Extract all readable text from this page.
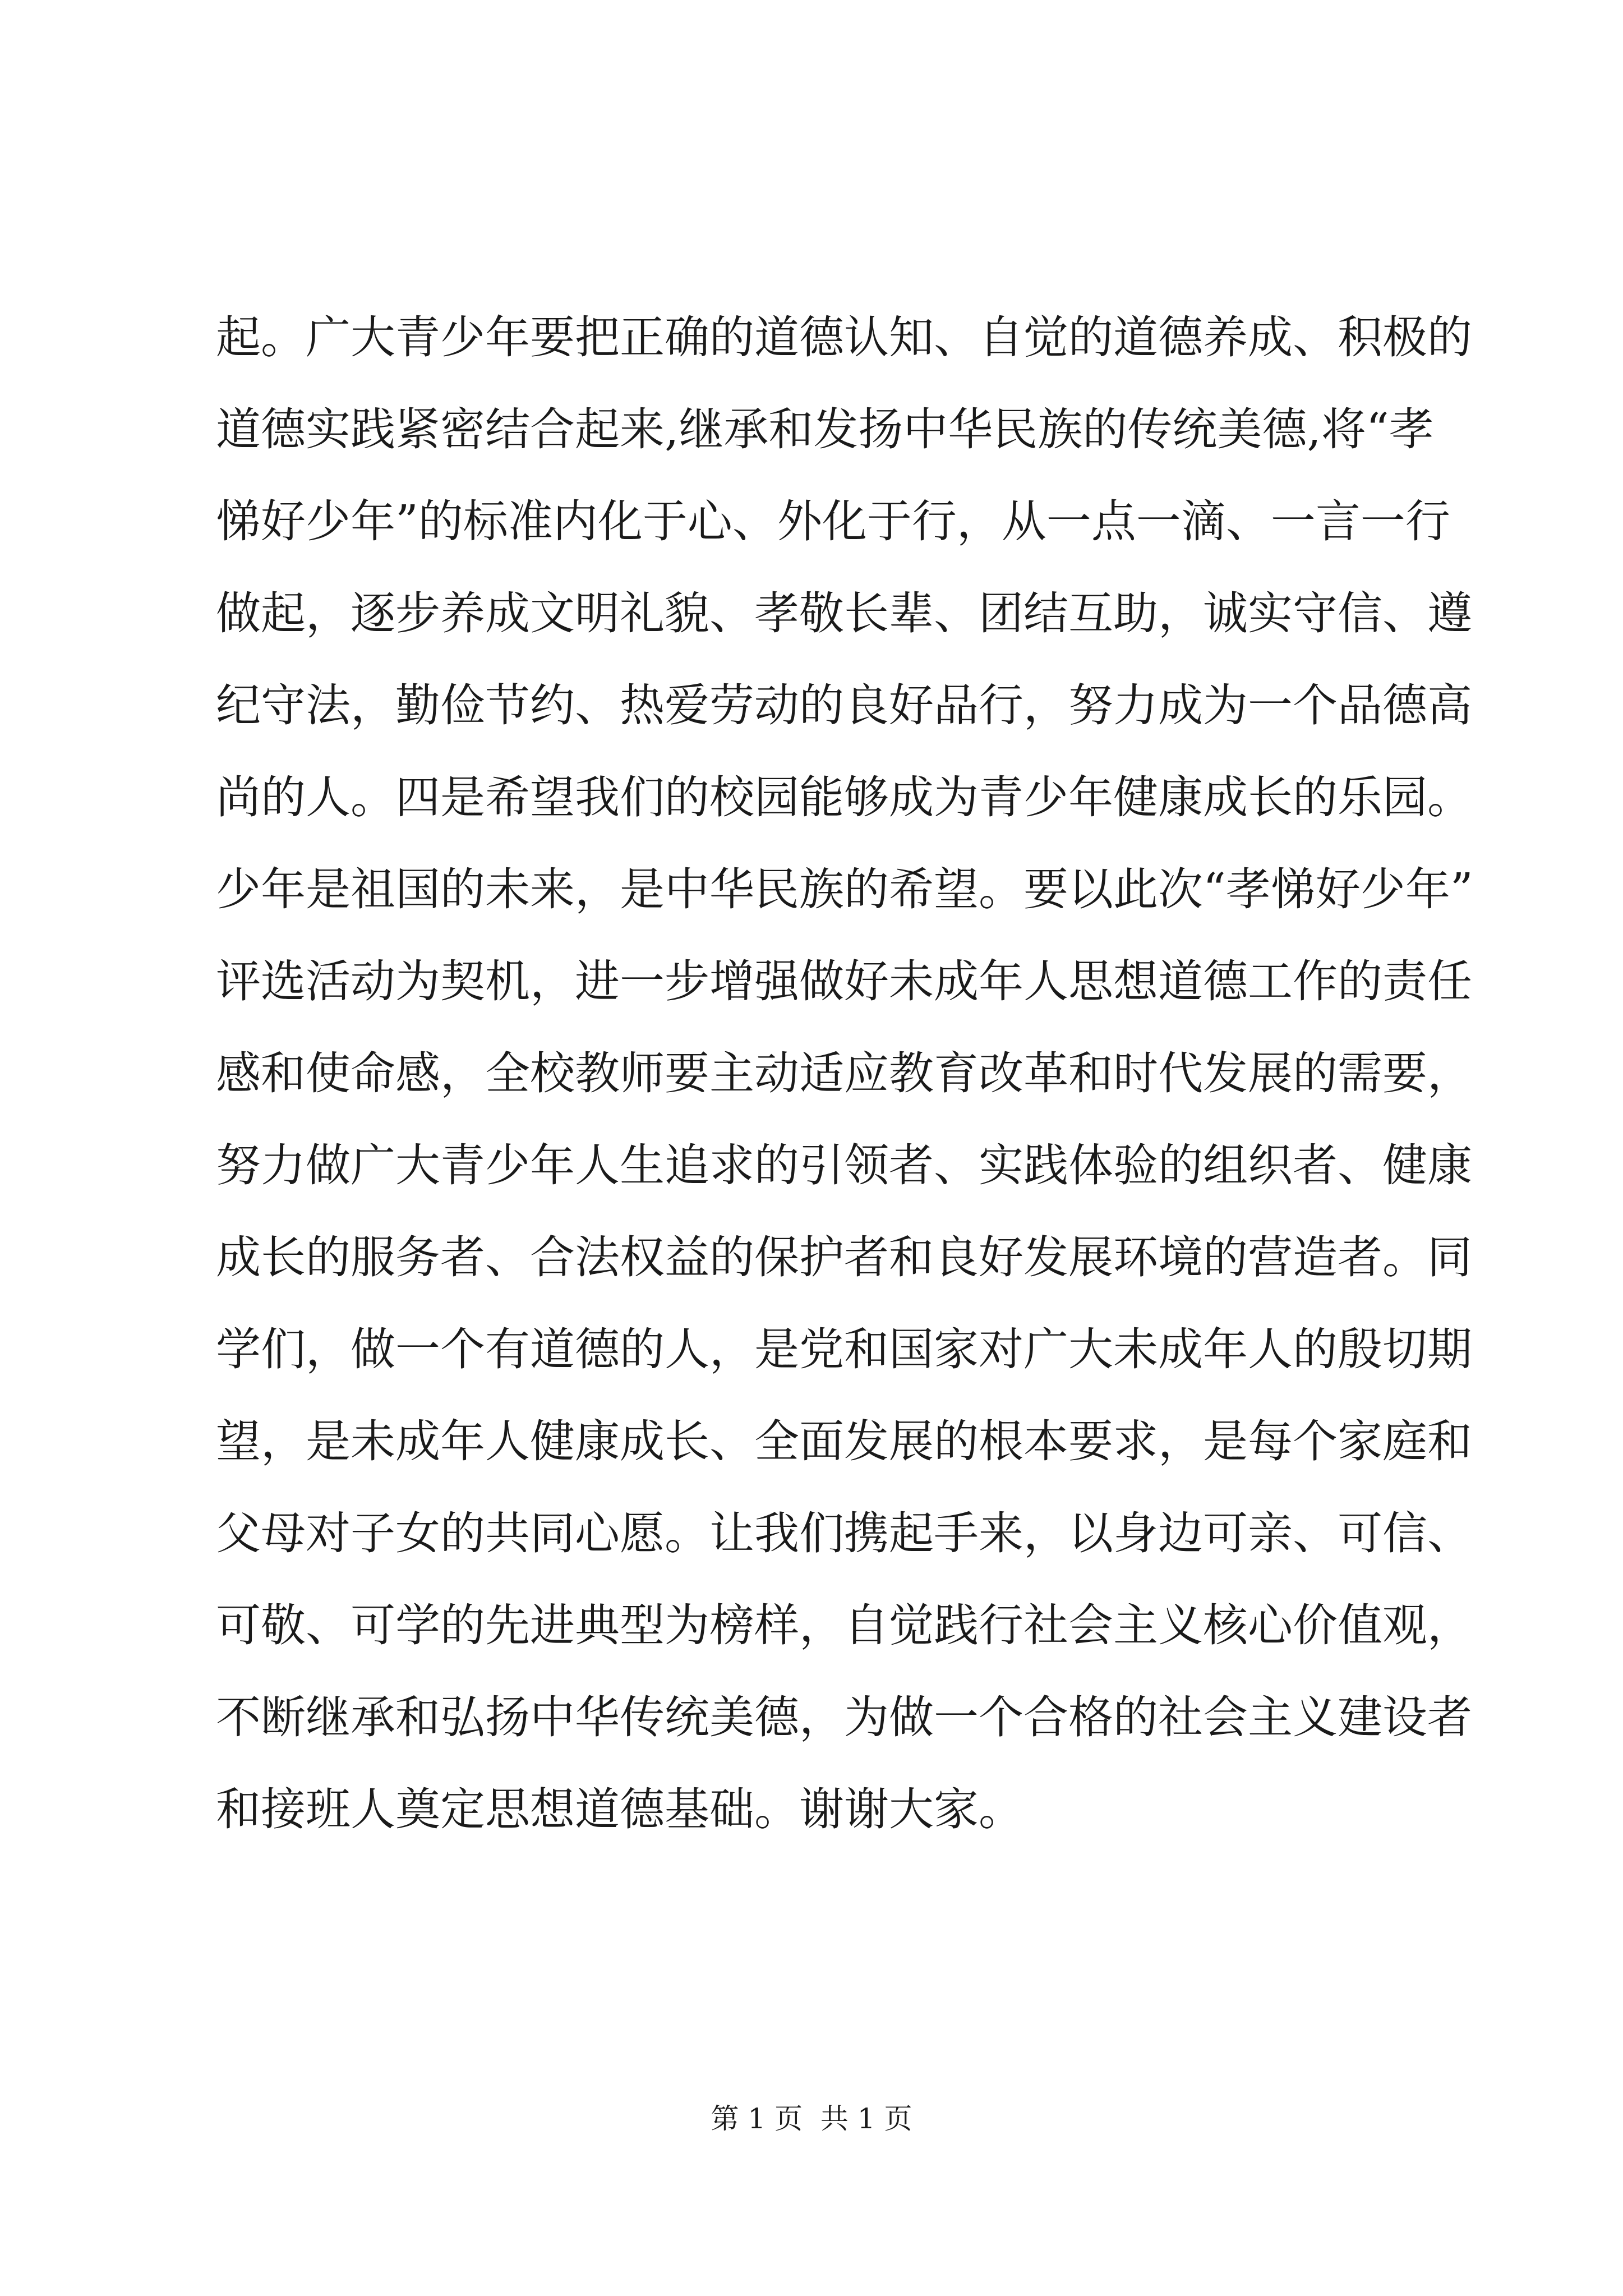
起。广大青少年要把正确的道德认知、自觉的道德养成、积极的
道德实践紧密结合起来,继承和发扬中华民族的传统美德,将“孝
悌好少年”的标准内化于心、外化于行，从一点一滴、一言一行
做起，逐步养成文明礼貌、孝敬长辈、团结互助，诚实守信、遵
纪守法，勤俭节约、热爱劳动的良好品行，努力成为一个品德高
尚的人。四是希望我们的校园能够成为青少年健康成长的乐园。
少年是祖国的未来，是中华民族的希望。要以此次“孝悌好少年”
评选活动为契机，进一步增强做好未成年人思想道德工作的责任
感和使命感，全校教师要主动适应教育改革和时代发展的需要，
努力做广大青少年人生追求的引领者、实践体验的组织者、健康
成长的服务者、合法权益的保护者和良好发展环境的营造者。同
学们，做一个有道德的人，是党和国家对广大未成年人的殷切期
望，是未成年人健康成长、全面发展的根本要求，是每个家庭和
父母对子女的共同心愿。让我们携起手来，以身边可亲、可信、
可敬、可学的先进典型为榜样，自觉践行社会主义核心价值观，
不断继承和弘扬中华传统美德，为做一个合格的社会主义建设者
和接班人奠定思想道德基础。谢谢大家。
第 1 页  共 1 页
